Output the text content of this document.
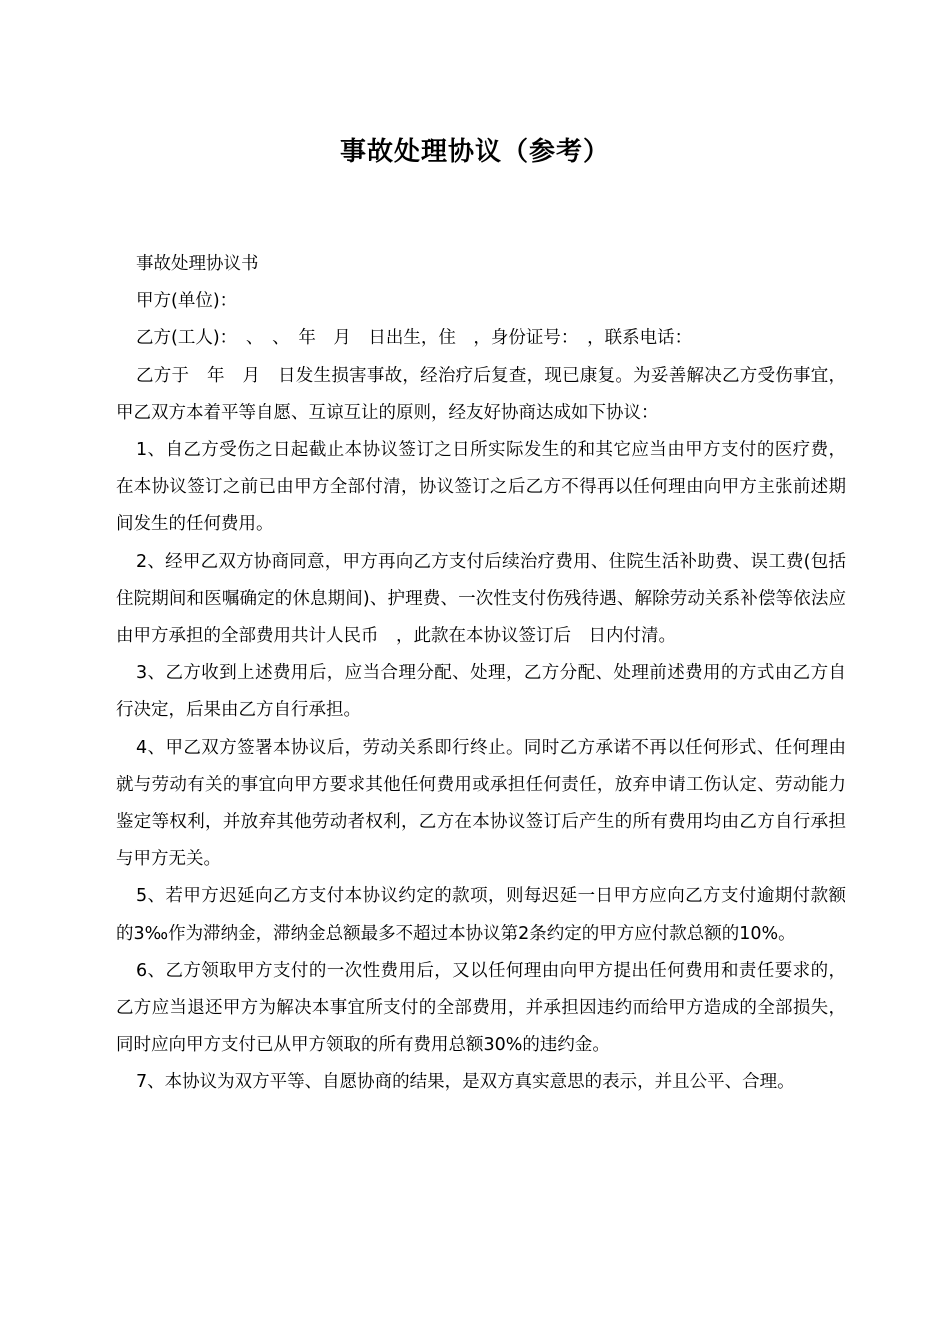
事故处理协议（参考）

事故处理协议书

甲方(单位)：

乙方(工人)：　、　、　年　月　日出生，住　，身份证号：　，联系电话：

乙方于　年　月　日发生损害事故，经治疗后复查，现已康复。为妥善解决乙方受伤事宜，甲乙双方本着平等自愿、互谅互让的原则，经友好协商达成如下协议：

1、自乙方受伤之日起截止本协议签订之日所实际发生的和其它应当由甲方支付的医疗费，在本协议签订之前已由甲方全部付清，协议签订之后乙方不得再以任何理由向甲方主张前述期间发生的任何费用。

2、经甲乙双方协商同意，甲方再向乙方支付后续治疗费用、住院生活补助费、误工费(包括住院期间和医嘱确定的休息期间)、护理费、一次性支付伤残待遇、解除劳动关系补偿等依法应由甲方承担的全部费用共计人民币　，此款在本协议签订后　日内付清。

3、乙方收到上述费用后，应当合理分配、处理，乙方分配、处理前述费用的方式由乙方自行决定，后果由乙方自行承担。

4、甲乙双方签署本协议后，劳动关系即行终止。同时乙方承诺不再以任何形式、任何理由就与劳动有关的事宜向甲方要求其他任何费用或承担任何责任，放弃申请工伤认定、劳动能力鉴定等权利，并放弃其他劳动者权利，乙方在本协议签订后产生的所有费用均由乙方自行承担与甲方无关。

5、若甲方迟延向乙方支付本协议约定的款项，则每迟延一日甲方应向乙方支付逾期付款额的3‰作为滞纳金，滞纳金总额最多不超过本协议第2条约定的甲方应付款总额的10%。

6、乙方领取甲方支付的一次性费用后，又以任何理由向甲方提出任何费用和责任要求的，乙方应当退还甲方为解决本事宜所支付的全部费用，并承担因违约而给甲方造成的全部损失，同时应向甲方支付已从甲方领取的所有费用总额30%的违约金。

7、本协议为双方平等、自愿协商的结果，是双方真实意思的表示，并且公平、合理。
